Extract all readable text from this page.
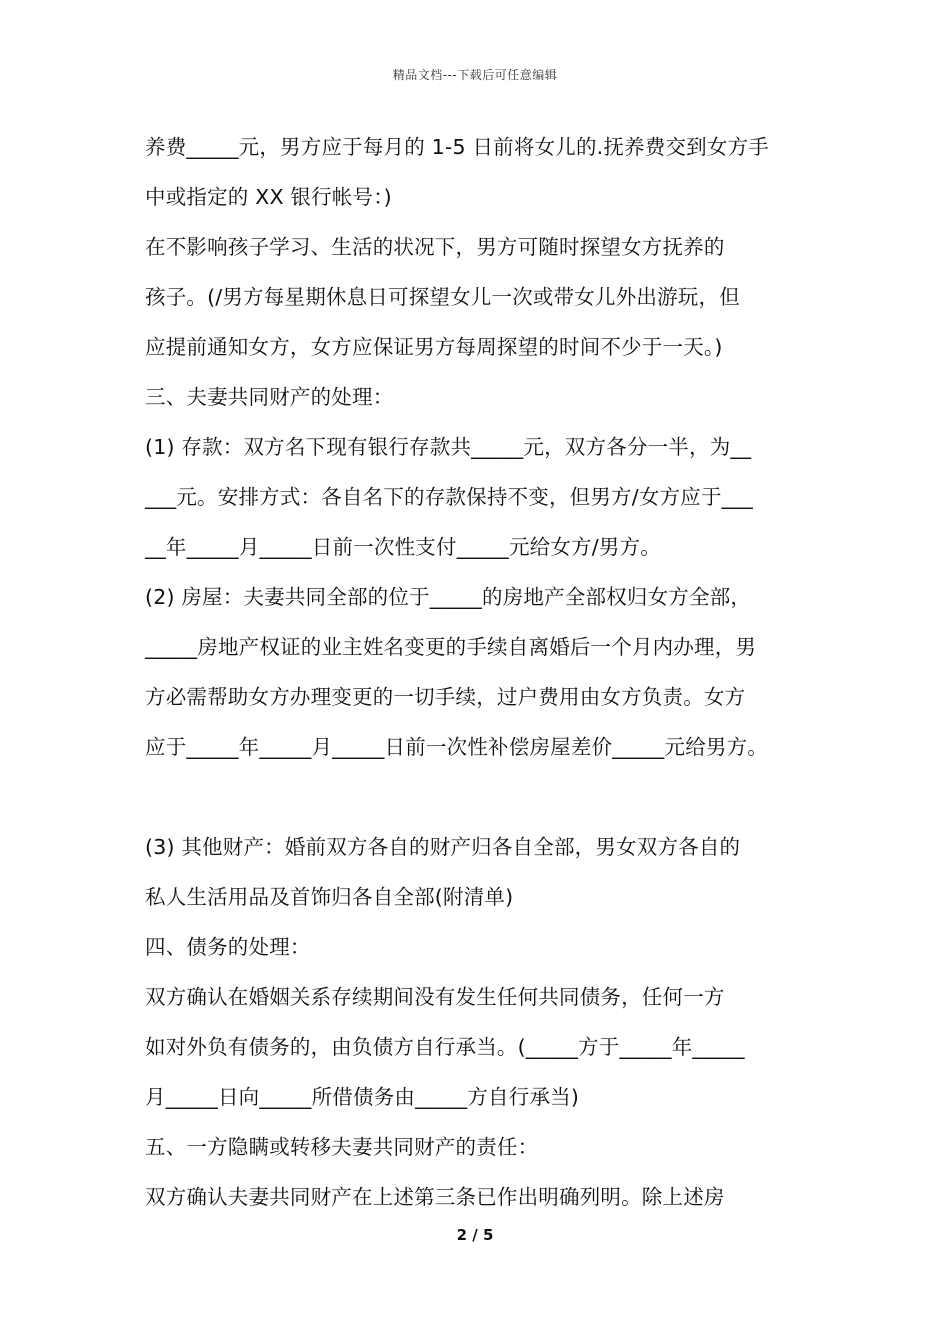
精品文档---下载后可任意编辑
养费_____元，男方应于每月的 1-5 日前将女儿的.抚养费交到女方手
中或指定的 XX 银行帐号：)
在不影响孩子学习、生活的状况下，男方可随时探望女方抚养的
孩子。(/男方每星期休息日可探望女儿一次或带女儿外出游玩，但
应提前通知女方，女方应保证男方每周探望的时间不少于一天。)
三、夫妻共同财产的处理：
(1) 存款：双方名下现有银行存款共_____元，双方各分一半，为__
___元。安排方式：各自名下的存款保持不变，但男方/女方应于___
__年_____月_____日前一次性支付_____元给女方/男方。
(2) 房屋：夫妻共同全部的位于_____的房地产全部权归女方全部，
_____房地产权证的业主姓名变更的手续自离婚后一个月内办理，男
方必需帮助女方办理变更的一切手续，过户费用由女方负责。女方
应于_____年_____月_____日前一次性补偿房屋差价_____元给男方。
(3) 其他财产：婚前双方各自的财产归各自全部，男女双方各自的
私人生活用品及首饰归各自全部(附清单)
四、债务的处理：
双方确认在婚姻关系存续期间没有发生任何共同债务，任何一方
如对外负有债务的，由负债方自行承当。(_____方于_____年_____
月_____日向_____所借债务由_____方自行承当)
五、一方隐瞒或转移夫妻共同财产的责任：
双方确认夫妻共同财产在上述第三条已作出明确列明。除上述房
2 / 5
